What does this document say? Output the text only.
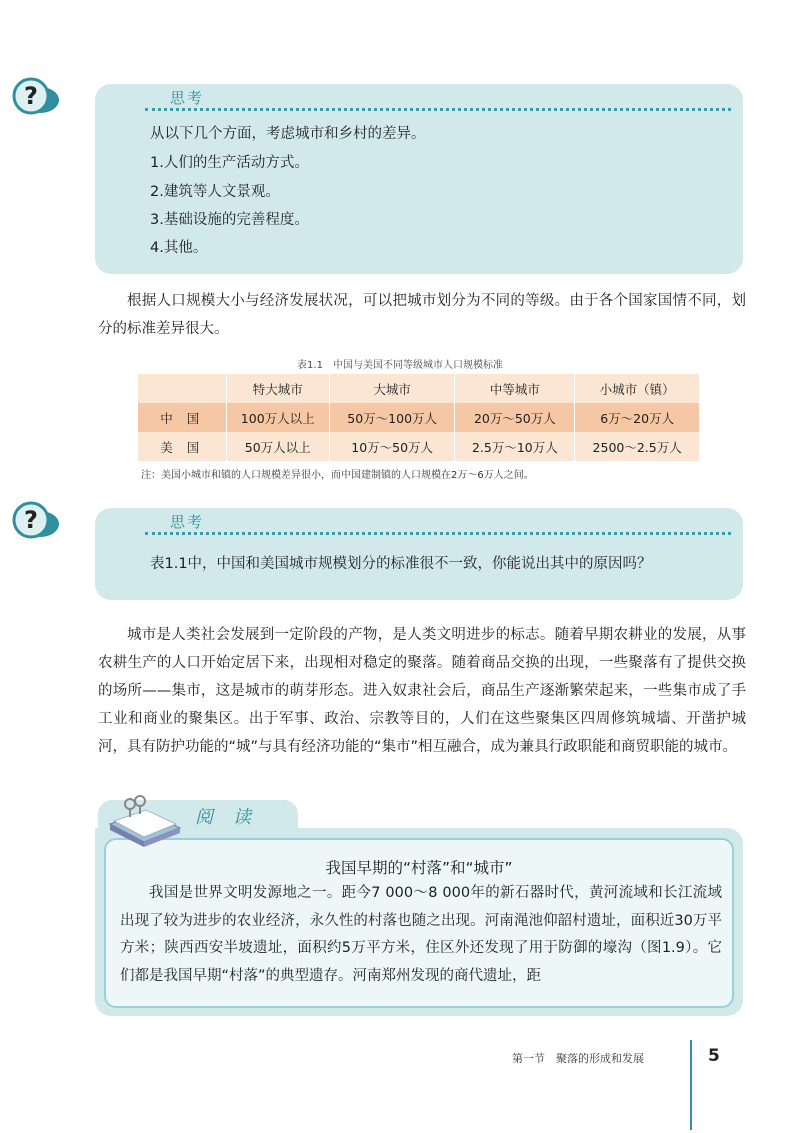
?	思考
从以下几个方面，考虑城市和乡村的差异。
1.人们的生产活动方式。
2.建筑等人文景观。
3.基础设施的完善程度。
4.其他。
根据人口规模大小与经济发展状况，可以把城市划分为不同的等级。由于各个国家国情不同，划分的标准差异很大。
表1.1　中国与美国不同等级城市人口规模标准
	特大城市	大城市	中等城市	小城市（镇）
中国	100万人以上	50万～100万人	20万～50万人	6万～20万人
美国	50万人以上	10万～50万人	2.5万～10万人	2500～2.5万人
注：美国小城市和镇的人口规模差异很小，而中国建制镇的人口规模在2万～6万人之间。
?	思考
表1.1中，中国和美国城市规模划分的标准很不一致，你能说出其中的原因吗？
城市是人类社会发展到一定阶段的产物，是人类文明进步的标志。随着早期农耕业的发展，从事农耕生产的人口开始定居下来，出现相对稳定的聚落。随着商品交换的出现，一些聚落有了提供交换的场所——集市，这是城市的萌芽形态。进入奴隶社会后，商品生产逐渐繁荣起来，一些集市成了手工业和商业的聚集区。出于军事、政治、宗教等目的，人们在这些聚集区四周修筑城墙、开凿护城河，具有防护功能的“城”与具有经济功能的“集市”相互融合，成为兼具行政职能和商贸职能的城市。
阅读
我国早期的“村落”和“城市”
我国是世界文明发源地之一。距今7 000～8 000年的新石器时代，黄河流域和长江流域出现了较为进步的农业经济，永久性的村落也随之出现。河南渑池仰韶村遗址，面积近30万平方米；陕西西安半坡遗址，面积约5万平方米，住区外还发现了用于防御的壕沟（图1.9）。它们都是我国早期“村落”的典型遗存。河南郑州发现的商代遗址，距
第一节　聚落的形成和发展	5
